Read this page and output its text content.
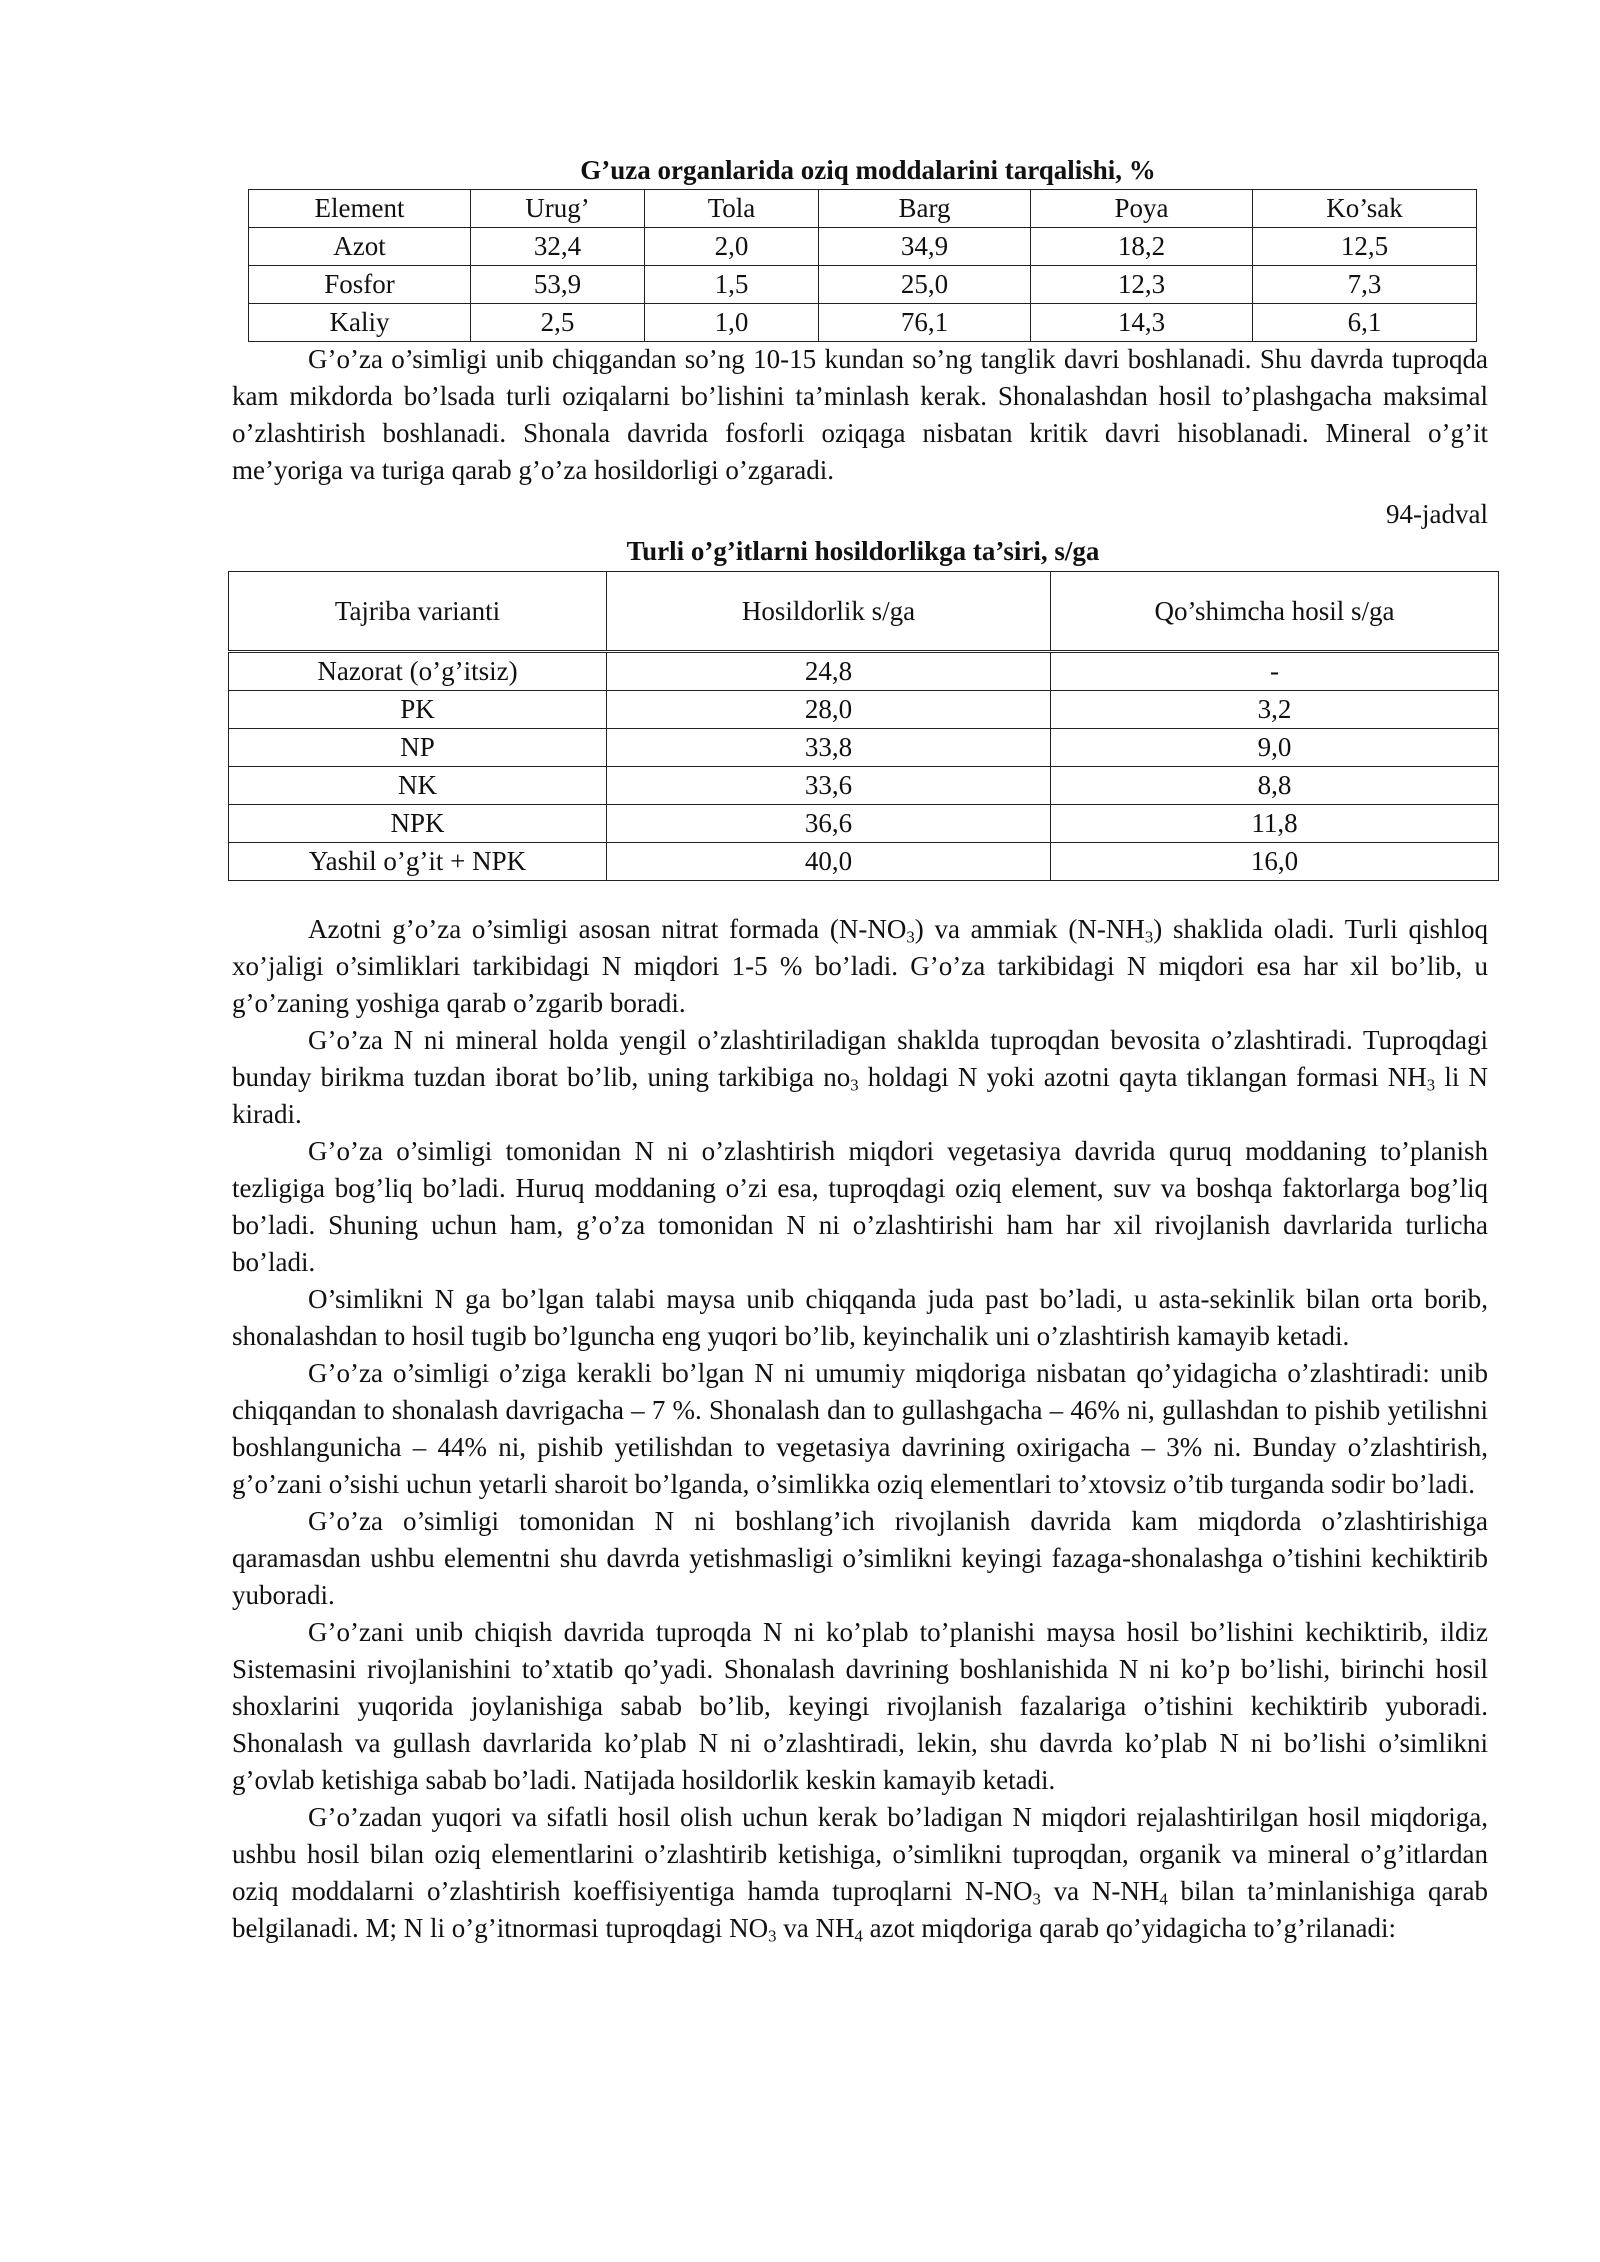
G’uza organlarida oziq moddalarini tarqalishi, %
Element	Urug’	Tola	Barg	Poya	Ko’sak
Azot	32,4	2,0	34,9	18,2	12,5
Fosfor	53,9	1,5	25,0	12,3	7,3
Kaliy	2,5	1,0	76,1	14,3	6,1

G’o’za o’simligi unib chiqgandan so’ng 10-15 kundan so’ng tanglik davri boshlanadi. Shu davrda tuproqda kam mikdorda bo’lsada turli oziqalarni bo’lishini ta’minlash kerak. Shonalashdan hosil to’plashgacha maksimal o’zlashtirish boshlanadi. Shonala davrida fosforli oziqaga nisbatan kritik davri hisoblanadi. Mineral o’g’it me’yoriga va turiga qarab g’o’za hosildorligi o’zgaradi.

94-jadval
Turli o’g’itlarni hosildorlikga ta’siri, s/ga
Tajriba varianti	Hosildorlik s/ga	Qo’shimcha hosil s/ga
Nazorat (o’g’itsiz)	24,8	-
PK	28,0	3,2
NP	33,8	9,0
NK	33,6	8,8
NPK	36,6	11,8
Yashil o’g’it + NPK	40,0	16,0

Azotni g’o’za o’simligi asosan nitrat formada $(N-NO_3)$ va ammiak $(N-NH_3)$ shaklida oladi. Turli qishloq xo’jaligi o’simliklari tarkibidagi N miqdori 1-5 % bo’ladi. G’o’za tarkibidagi N miqdori esa har xil bo’lib, u g’o’zaning yoshiga qarab o’zgarib boradi.

G’o’za N ni mineral holda yengil o’zlashtiriladigan shaklda tuproqdan bevosita o’zlashtiradi. Tuproqdagi bunday birikma tuzdan iborat bo’lib, uning tarkibiga $no_3$ holdagi N yoki azotni qayta tiklangan formasi $NH_3$ li N kiradi.

G’o’za o’simligi tomonidan N ni o’zlashtirish miqdori vegetasiya davrida quruq moddaning to’planish tezligiga bog’liq bo’ladi. Huruq moddaning o’zi esa, tuproqdagi oziq element, suv va boshqa faktorlarga bog’liq bo’ladi. Shuning uchun ham, g’o’za tomonidan N ni o’zlashtirishi ham har xil rivojlanish davrlarida turlicha bo’ladi.

O’simlikni N ga bo’lgan talabi maysa unib chiqqanda juda past bo’ladi, u asta-sekinlik bilan orta borib, shonalashdan to hosil tugib bo’lguncha eng yuqori bo’lib, keyinchalik uni o’zlashtirish kamayib ketadi.

G’o’za o’simligi o’ziga kerakli bo’lgan N ni umumiy miqdoriga nisbatan qo’yidagicha o’zlashtiradi: unib chiqqandan to shonalash davrigacha – 7 %. Shonalash dan to gullashgacha – 46% ni, gullashdan to pishib yetilishni boshlangunicha – 44% ni, pishib yetilishdan to vegetasiya davrining oxirigacha – 3% ni. Bunday o’zlashtirish, g’o’zani o’sishi uchun yetarli sharoit bo’lganda, o’simlikka oziq elementlari to’xtovsiz o’tib turganda sodir bo’ladi.

G’o’za o’simligi tomonidan N ni boshlang’ich rivojlanish davrida kam miqdorda o’zlashtirishiga qaramasdan ushbu elementni shu davrda yetishmasligi o’simlikni keyingi fazaga-shonalashga o’tishini kechiktirib yuboradi.

G’o’zani unib chiqish davrida tuproqda N ni ko’plab to’planishi maysa hosil bo’lishini kechiktirib, ildiz Sistemasini rivojlanishini to’xtatib qo’yadi. Shonalash davrining boshlanishida N ni ko’p bo’lishi, birinchi hosil shoxlarini yuqorida joylanishiga sabab bo’lib, keyingi rivojlanish fazalariga o’tishini kechiktirib yuboradi. Shonalash va gullash davrlarida ko’plab N ni o’zlashtiradi, lekin, shu davrda ko’plab N ni bo’lishi o’simlikni g’ovlab ketishiga sabab bo’ladi. Natijada hosildorlik keskin kamayib ketadi.

G’o’zadan yuqori va sifatli hosil olish uchun kerak bo’ladigan N miqdori rejalashtirilgan hosil miqdoriga, ushbu hosil bilan oziq elementlarini o’zlashtirib ketishiga, o’simlikni tuproqdan, organik va mineral o’g’itlardan oziq moddalarni o’zlashtirish koeffisiyentiga hamda tuproqlarni $N-NO_3$ va $N-NH_4$ bilan ta’minlanishiga qarab belgilanadi. M; N li o’g’itnormasi tuproqdagi $NO_3$ va $NH_4$ azot miqdoriga qarab qo’yidagicha to’g’rilanadi:
